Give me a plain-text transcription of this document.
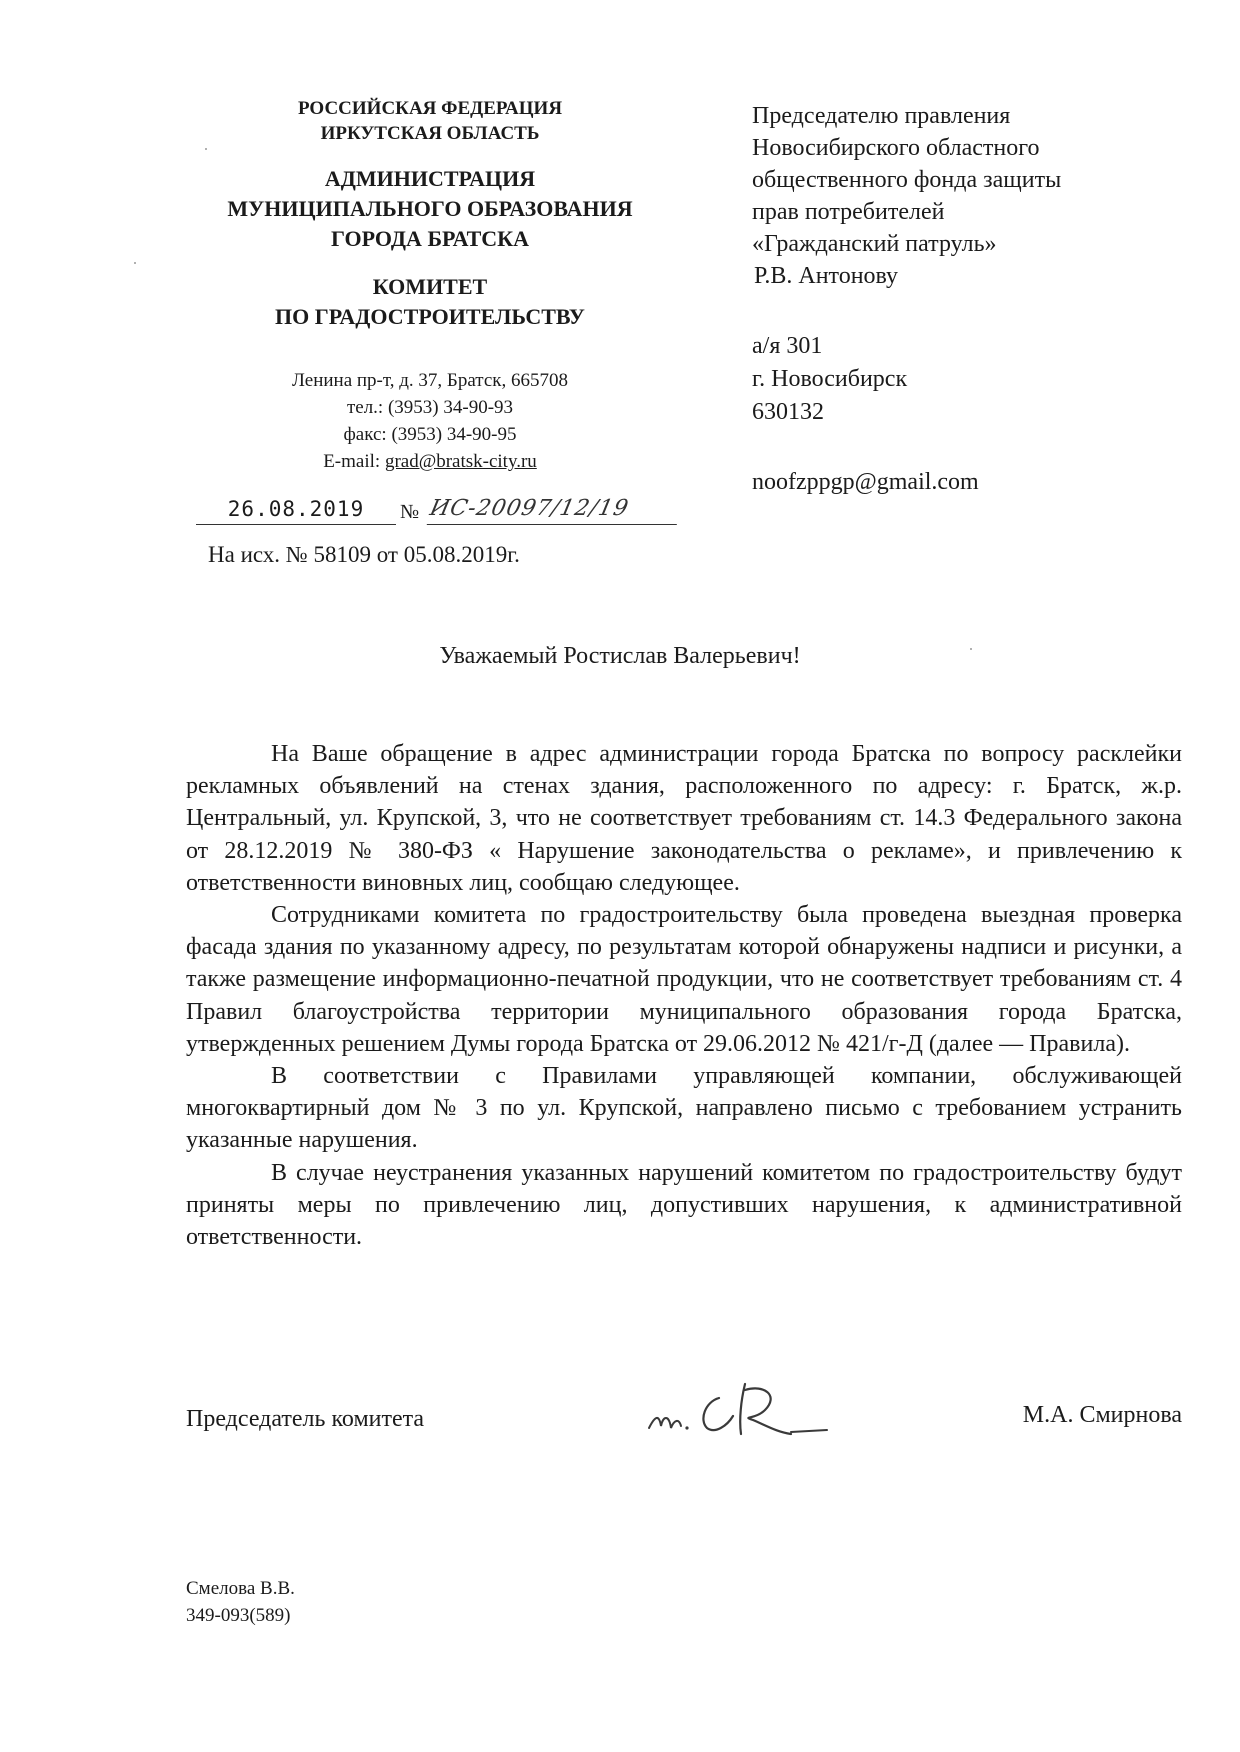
РОССИЙСКАЯ ФЕДЕРАЦИЯ
ИРКУТСКАЯ ОБЛАСТЬ
АДМИНИСТРАЦИЯ
МУНИЦИПАЛЬНОГО ОБРАЗОВАНИЯ
ГОРОДА БРАТСКА
КОМИТЕТ
ПО ГРАДОСТРОИТЕЛЬСТВУ
Ленина пр-т, д. 37, Братск, 665708
тел.: (3953) 34-90-93
факс: (3953) 34-90-95
E-mail: grad@bratsk-city.ru
26.08.2019	№ ИС-20097/12/19
На исх. № 58109 от 05.08.2019г.
Председателю правления
Новосибирского областного
общественного фонда защиты
прав потребителей
«Гражданский патруль»
Р.В. Антонову
а/я 301
г. Новосибирск
630132
noofzppgp@gmail.com
Уважаемый Ростислав Валерьевич!

На Ваше обращение в адрес администрации города Братска по вопросу расклейки рекламных объявлений на стенах здания, расположенного по адресу: г. Братск, ж.р. Центральный, ул. Крупской, 3, что не соответствует требованиям ст. 14.3 Федерального закона от 28.12.2019 № 380-ФЗ « Нарушение законодательства о рекламе», и привлечению к ответственности виновных лиц, сообщаю следующее.

Сотрудниками комитета по градостроительству была проведена выездная проверка фасада здания по указанному адресу, по результатам которой обнаружены надписи и рисунки, а также размещение информационно-печатной продукции, что не соответствует требованиям ст. 4 Правил благоустройства территории муниципального образования города Братска, утвержденных решением Думы города Братска от 29.06.2012 № 421/г-Д (далее — Правила).

В соответствии с Правилами управляющей компании, обслуживающей многоквартирный дом № 3 по ул. Крупской, направлено письмо с требованием устранить указанные нарушения.

В случае неустранения указанных нарушений комитетом по градостроительству будут приняты меры по привлечению лиц, допустивших нарушения, к административной ответственности.

Председатель комитета	М.А. Смирнова
Смелова В.В.
349-093(589)
